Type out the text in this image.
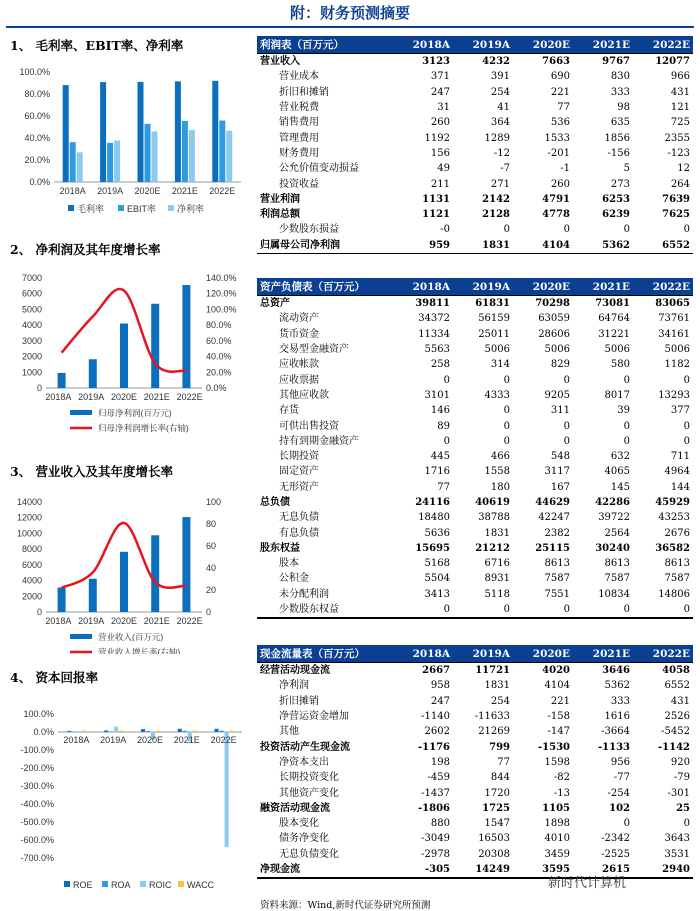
附：财务预测摘要
1、 毛利率、EBIT率、净利率
0.0%
20.0%
40.0%
60.0%
80.0%
100.0%
2018A 2019A 2020E 2021E 2022E
毛利率	EBIT率 净利率
2、 净利润及其年度增长率
0
1000
2000
3000
4000
5000
6000
7000
0.0%
20.0%
40.0%
60.0%
80.0%
100.0%
120.0%
140.0%
2018A 2019A 2020E 2021E 2022E
归母净利润(百万元)
归母净利润增长率(右轴)
3、 营业收入及其年度增长率
0
2000
4000
6000
8000
10000
12000
14000
0
20
40
60
80
100
2018A 2019A 2020E 2021E 2022E
营业收入(百万元)
营业收入增长率(右轴)
4、 资本回报率
-700.0%
-600.0%
-500.0%
-400.0%
-300.0%
-200.0%
-100.0%
0.0%
100.0%
2018A 2019A 2020E 2021E 2022E
ROE ROA ROIC WACC
利润表（百万元）	2018A	2019A	2020E	2021E	2022E
营业收入	3123	4232	7663	9767	12077
营业成本	371	391	690	830	966
折旧和摊销	247	254	221	333	431
营业税费	31	41	77	98	121
销售费用	260	364	536	635	725
管理费用	1192	1289	1533	1856	2355
财务费用	156	-12	-201	-156	-123
公允价值变动损益	49	-7	-1	5	12
投资收益	211	271	260	273	264
营业利润	1131	2142	4791	6253	7639
利润总额	1121	2128	4778	6239	7625
少数股东损益	-0	0	0	0	0
归属母公司净利润	959	1831	4104	5362	6552
资产负债表（百万元）	2018A	2019A	2020E	2021E	2022E
总资产	39811	61831	70298	73081	83065
流动资产	34372	56159	63059	64764	73761
货币资金	11334	25011	28606	31221	34161
交易型金融资产	5563	5006	5006	5006	5006
应收帐款	258	314	829	580	1182
应收票据	0	0	0	0	0
其他应收款	3101	4333	9205	8017	13293
存货	146	0	311	39	377
可供出售投资	89	0	0	0	0
持有到期金融资产	0	0	0	0	0
长期投资	445	466	548	632	711
固定资产	1716	1558	3117	4065	4964
无形资产	77	180	167	145	144
总负债	24116	40619	44629	42286	45929
无息负债	18480	38788	42247	39722	43253
有息负债	5636	1831	2382	2564	2676
股东权益	15695	21212	25115	30240	36582
股本	5168	6716	8613	8613	8613
公积金	5504	8931	7587	7587	7587
未分配利润	3413	5118	7551	10834	14806
少数股东权益	0	0	0	0	0
现金流量表（百万元）	2018A	2019A	2020E	2021E	2022E
经营活动现金流	2667	11721	4020	3646	4058
净利润	958	1831	4104	5362	6552
折旧摊销	247	254	221	333	431
净营运资金增加	-1140	-11633	-158	1616	2526
其他	2602	21269	-147	-3664	-5452
投资活动产生现金流	-1176	799	-1530	-1133	-1142
净资本支出	198	77	1598	956	920
长期投资变化	-459	844	-82	-77	-79
其他资产变化	-1437	1720	-13	-254	-301
融资活动现金流	-1806	1725	1105	102	25
股本变化	880	1547	1898	0	0
债务净变化	-3049	16503	4010	-2342	3643
无息负债变化	-2978	20308	3459	-2525	3531
净现金流	-305	14249	3595	2615	2940
资料来源：Wind,新时代证券研究所预测
新时代计算机
